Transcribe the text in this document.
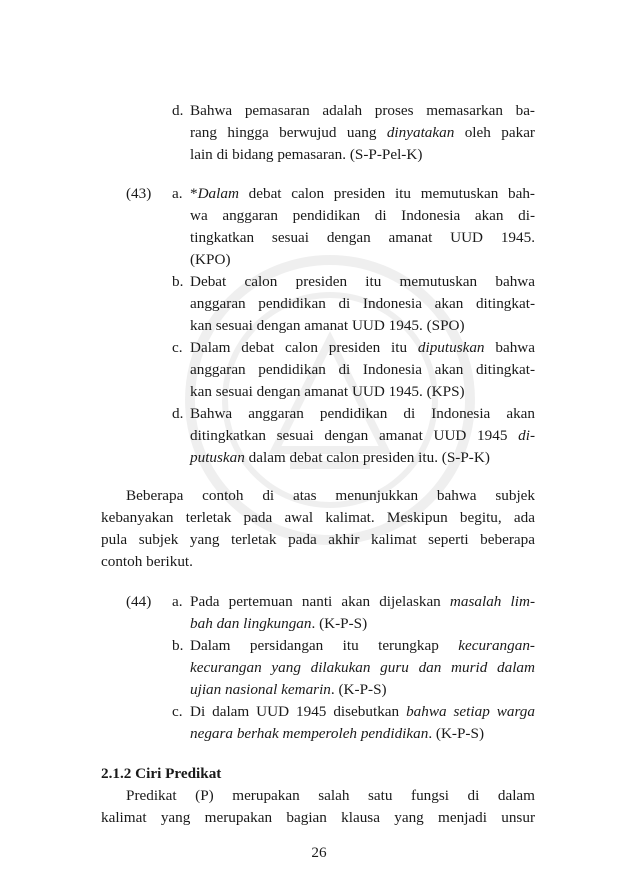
d. Bahwa pemasaran adalah proses memasarkan ba-
rang hingga berwujud uang dinyatakan oleh pakar
lain di bidang pemasaran. (S-P-Pel-K)
(43) a. *Dalam debat calon presiden itu memutuskan bah-
wa anggaran pendidikan di Indonesia akan di-
tingkatkan sesuai dengan amanat UUD 1945.
(KPO)
b. Debat calon presiden itu memutuskan bahwa
anggaran pendidikan di Indonesia akan ditingkat-
kan sesuai dengan amanat UUD 1945. (SPO)
c. Dalam debat calon presiden itu diputuskan bahwa
anggaran pendidikan di Indonesia akan ditingkat-
kan sesuai dengan amanat UUD 1945. (KPS)
d. Bahwa anggaran pendidikan di Indonesia akan
ditingkatkan sesuai dengan amanat UUD 1945 di-
putuskan dalam debat calon presiden itu. (S-P-K)
Beberapa contoh di atas menunjukkan bahwa subjek
kebanyakan terletak pada awal kalimat. Meskipun begitu, ada
pula subjek yang terletak pada akhir kalimat seperti beberapa
contoh berikut.
(44) a. Pada pertemuan nanti akan dijelaskan masalah lim-
bah dan lingkungan. (K-P-S)
b. Dalam persidangan itu terungkap kecurangan-
kecurangan yang dilakukan guru dan murid dalam
ujian nasional kemarin. (K-P-S)
c. Di dalam UUD 1945 disebutkan bahwa setiap warga
negara berhak memperoleh pendidikan. (K-P-S)
2.1.2 Ciri Predikat
Predikat (P) merupakan salah satu fungsi di dalam
kalimat yang merupakan bagian klausa yang menjadi unsur
26
